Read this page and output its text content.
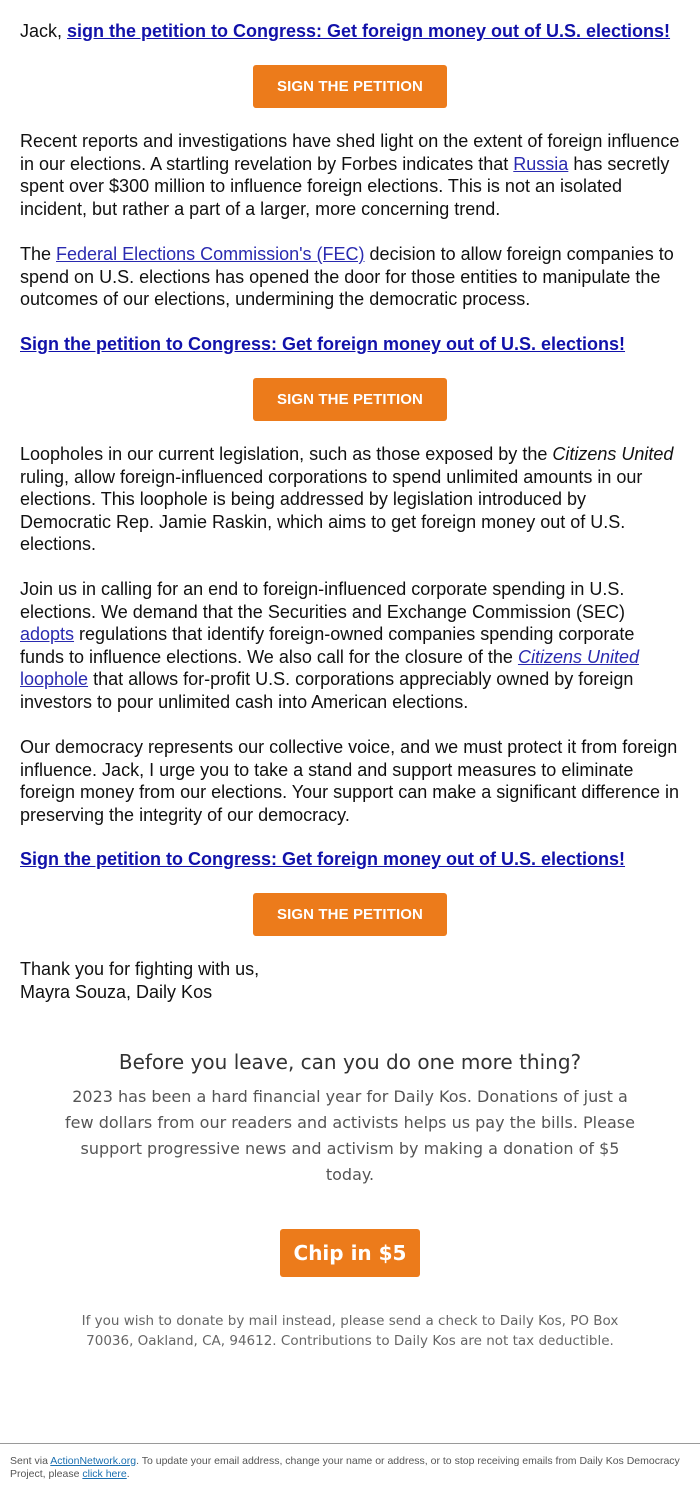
Jack, sign the petition to Congress: Get foreign money out of U.S. elections!

SIGN THE PETITION

Recent reports and investigations have shed light on the extent of foreign influence in our elections. A startling revelation by Forbes indicates that Russia has secretly spent over $300 million to influence foreign elections. This is not an isolated incident, but rather a part of a larger, more concerning trend.

The Federal Elections Commission's (FEC) decision to allow foreign companies to spend on U.S. elections has opened the door for those entities to manipulate the outcomes of our elections, undermining the democratic process.

Sign the petition to Congress: Get foreign money out of U.S. elections!

SIGN THE PETITION

Loopholes in our current legislation, such as those exposed by the Citizens United ruling, allow foreign-influenced corporations to spend unlimited amounts in our elections. This loophole is being addressed by legislation introduced by Democratic Rep. Jamie Raskin, which aims to get foreign money out of U.S. elections.

Join us in calling for an end to foreign-influenced corporate spending in U.S. elections. We demand that the Securities and Exchange Commission (SEC) adopts regulations that identify foreign-owned companies spending corporate funds to influence elections. We also call for the closure of the Citizens United loophole that allows for-profit U.S. corporations appreciably owned by foreign investors to pour unlimited cash into American elections.

Our democracy represents our collective voice, and we must protect it from foreign influence. Jack, I urge you to take a stand and support measures to eliminate foreign money from our elections. Your support can make a significant difference in preserving the integrity of our democracy.

Sign the petition to Congress: Get foreign money out of U.S. elections!

SIGN THE PETITION

Thank you for fighting with us,
Mayra Souza, Daily Kos

Before you leave, can you do one more thing?

2023 has been a hard financial year for Daily Kos. Donations of just a few dollars from our readers and activists helps us pay the bills. Please support progressive news and activism by making a donation of $5 today.

Chip in $5

If you wish to donate by mail instead, please send a check to Daily Kos, PO Box 70036, Oakland, CA, 94612. Contributions to Daily Kos are not tax deductible.

Sent via ActionNetwork.org. To update your email address, change your name or address, or to stop receiving emails from Daily Kos Democracy Project, please click here.
